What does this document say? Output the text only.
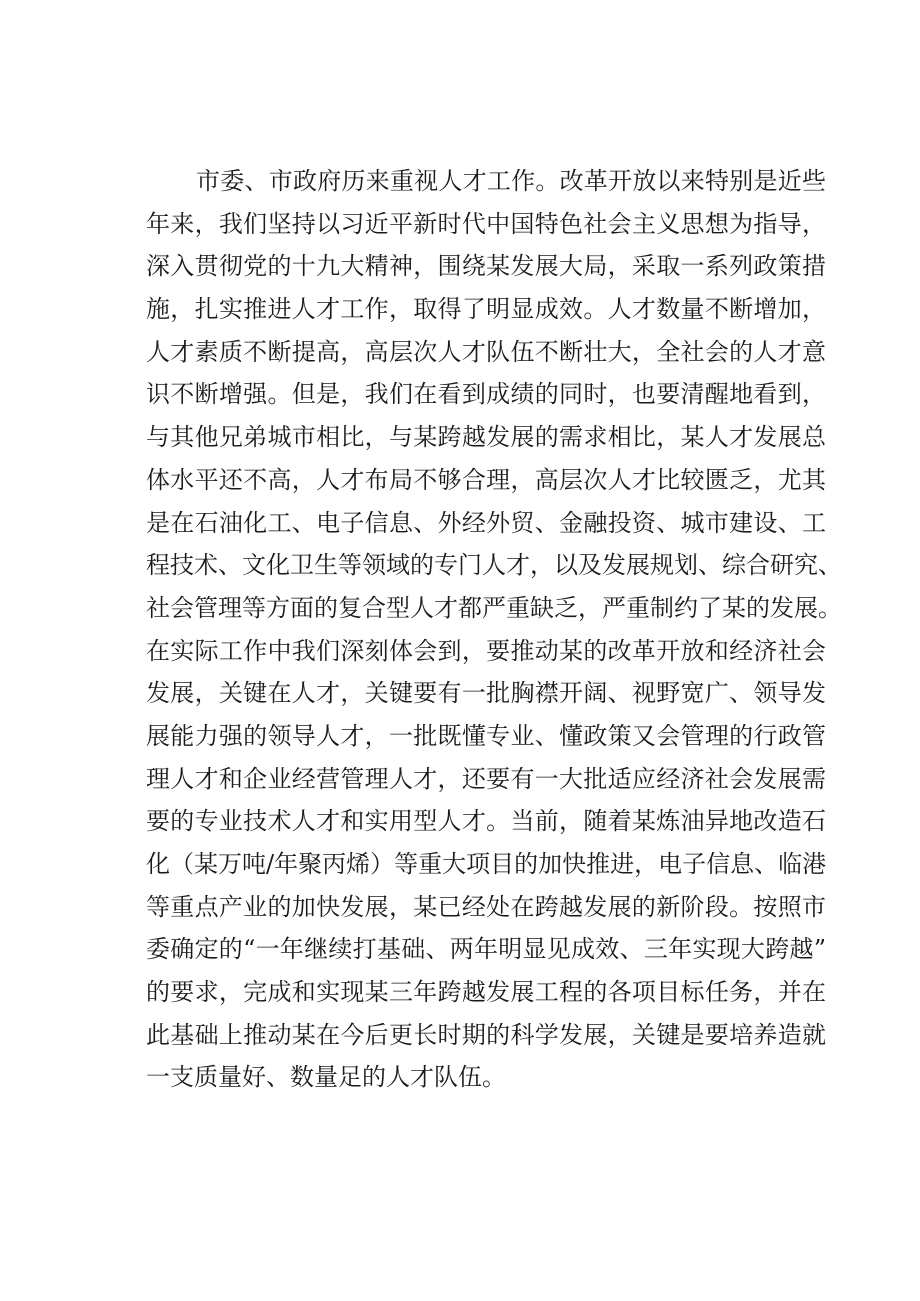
市委、市政府历来重视人才工作。改革开放以来特别是近些
年来，我们坚持以习近平新时代中国特色社会主义思想为指导，
深入贯彻党的十九大精神，围绕某发展大局，采取一系列政策措
施，扎实推进人才工作，取得了明显成效。人才数量不断增加，
人才素质不断提高，高层次人才队伍不断壮大，全社会的人才意
识不断增强。但是，我们在看到成绩的同时，也要清醒地看到，
与其他兄弟城市相比，与某跨越发展的需求相比，某人才发展总
体水平还不高，人才布局不够合理，高层次人才比较匮乏，尤其
是在石油化工、电子信息、外经外贸、金融投资、城市建设、工
程技术、文化卫生等领域的专门人才，以及发展规划、综合研究、
社会管理等方面的复合型人才都严重缺乏，严重制约了某的发展。
在实际工作中我们深刻体会到，要推动某的改革开放和经济社会
发展，关键在人才，关键要有一批胸襟开阔、视野宽广、领导发
展能力强的领导人才，一批既懂专业、懂政策又会管理的行政管
理人才和企业经营管理人才，还要有一大批适应经济社会发展需
要的专业技术人才和实用型人才。当前，随着某炼油异地改造石
化（某万吨/年聚丙烯）等重大项目的加快推进，电子信息、临港
等重点产业的加快发展，某已经处在跨越发展的新阶段。按照市
委确定的“一年继续打基础、两年明显见成效、三年实现大跨越”
的要求，完成和实现某三年跨越发展工程的各项目标任务，并在
此基础上推动某在今后更长时期的科学发展，关键是要培养造就
一支质量好、数量足的人才队伍。
